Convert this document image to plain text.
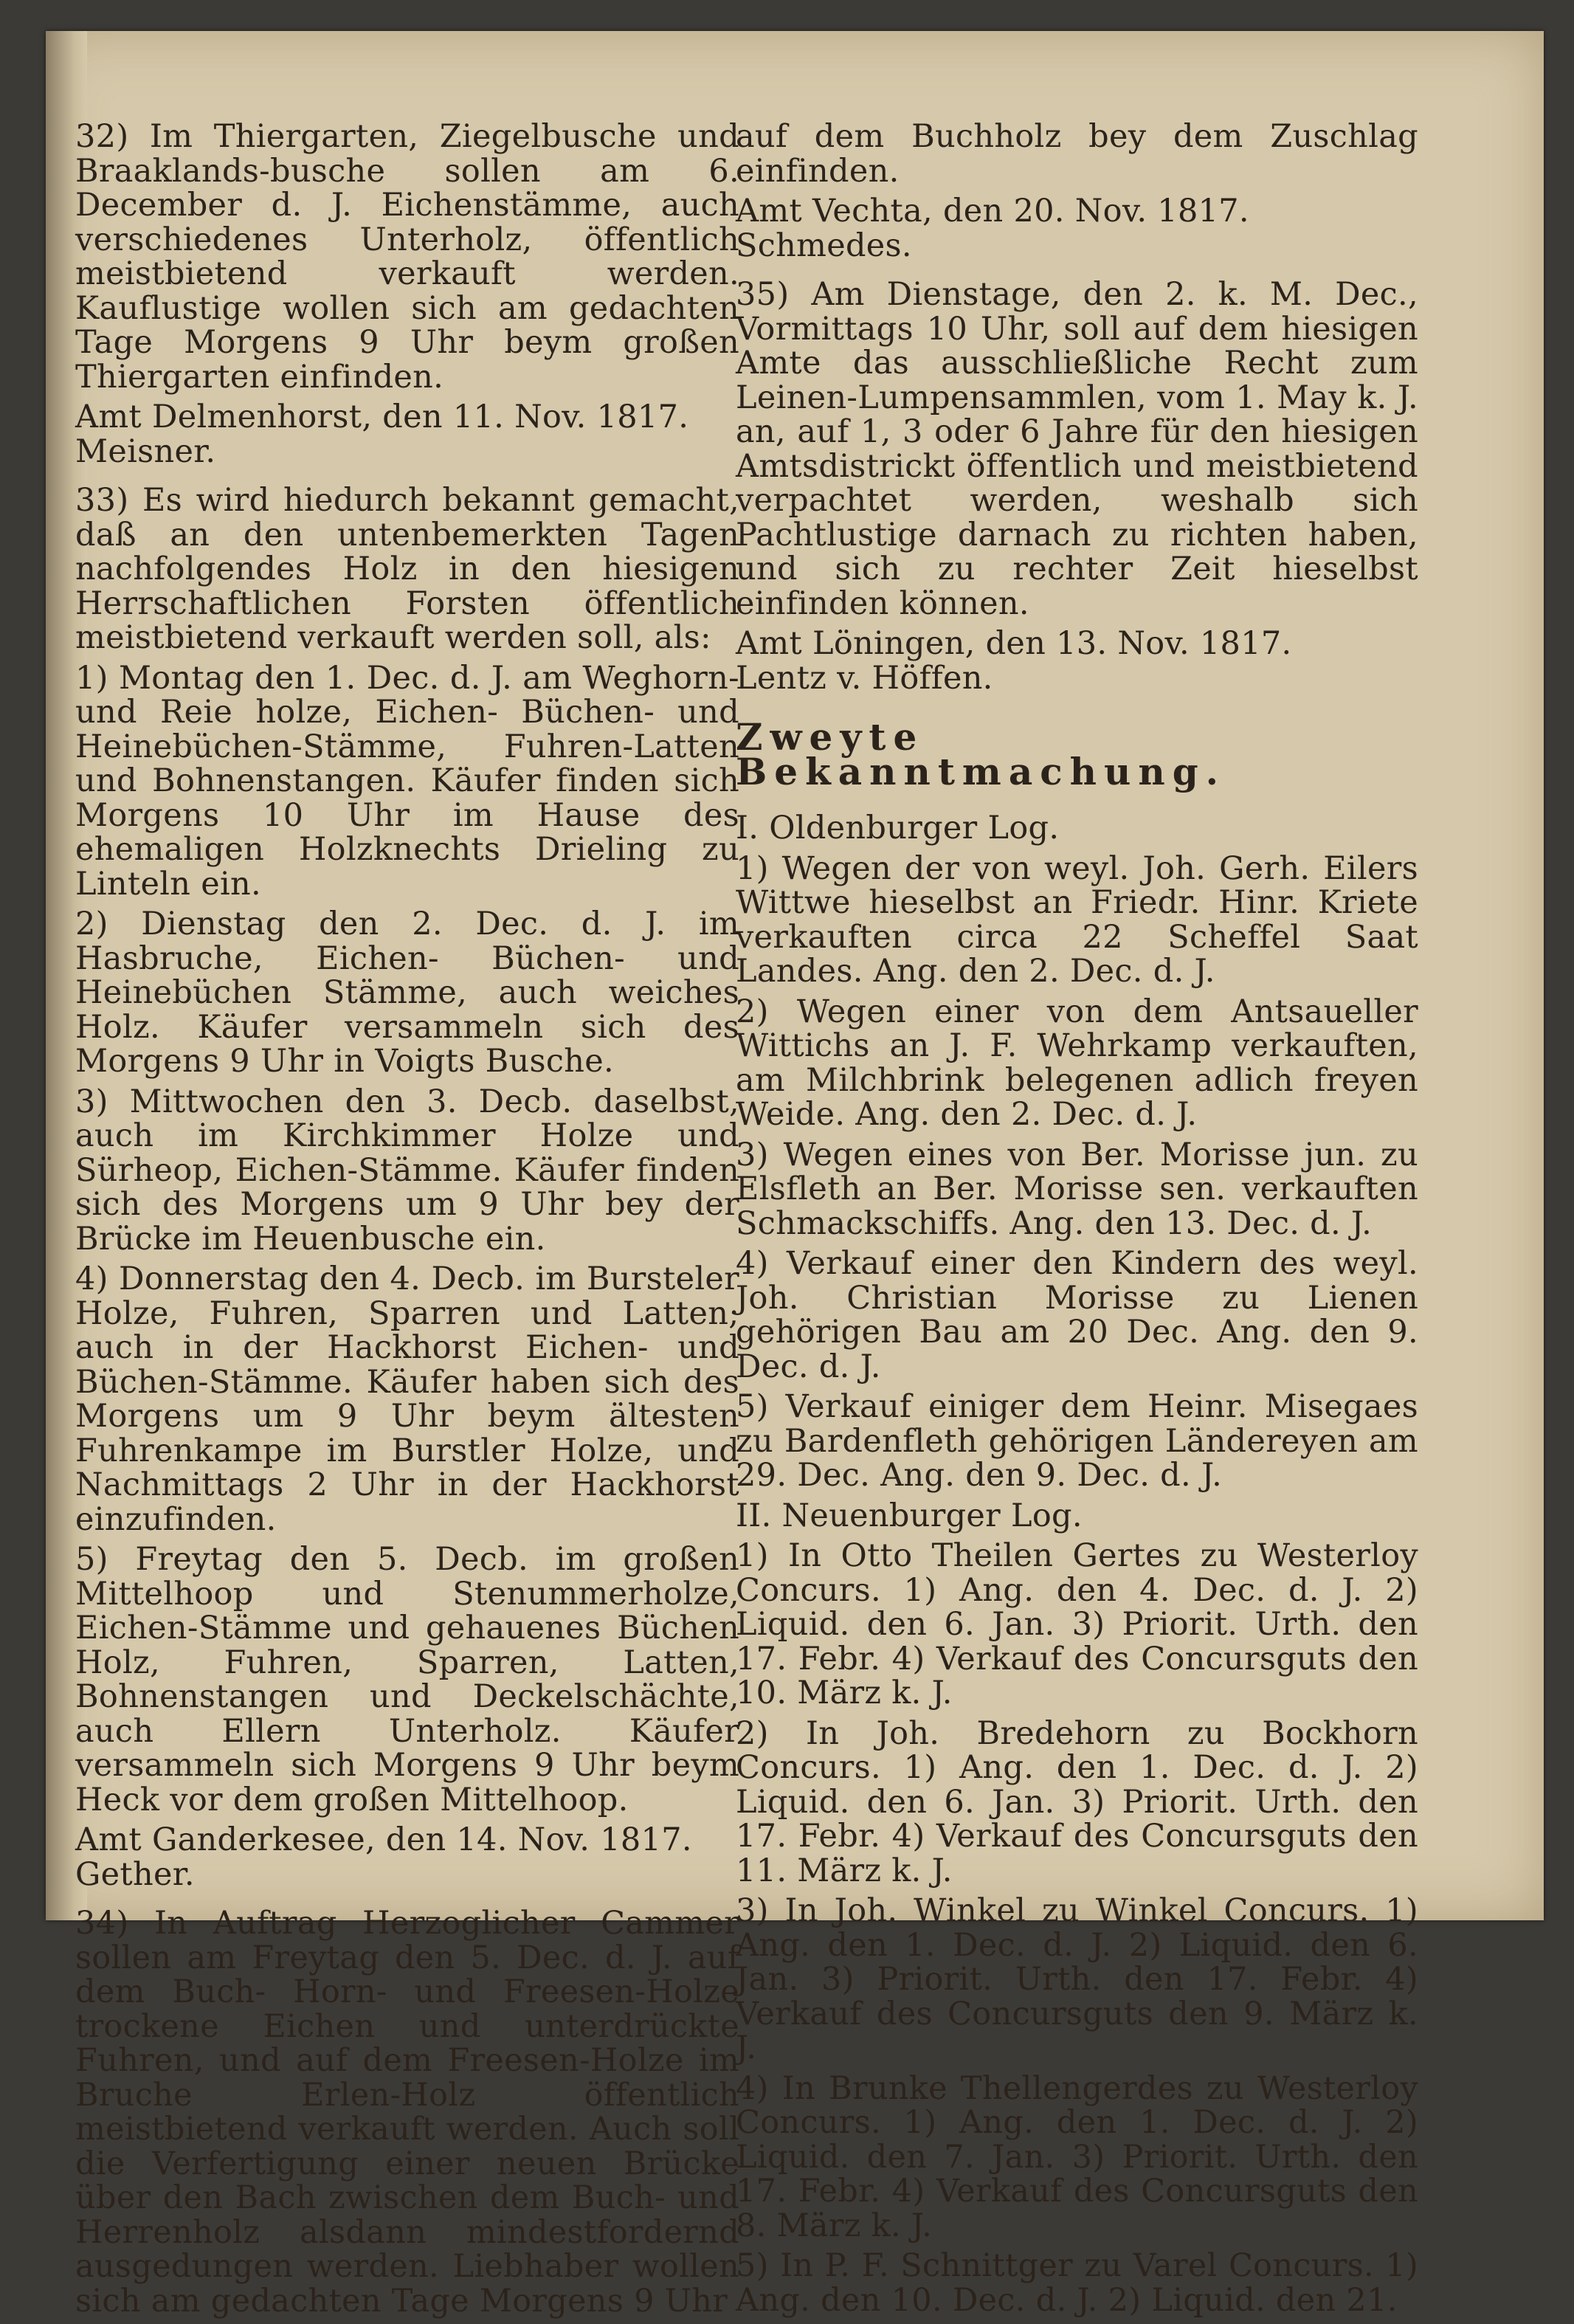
32) Im Thiergarten, Ziegelbusche und Braaklands-busche sollen am 6. December d. J. Eichenstämme, auch verschiedenes Unterholz, öffentlich meistbietend verkauft werden. Kauflustige wollen sich am gedachten Tage Morgens 9 Uhr beym großen Thiergarten einfinden.

Amt Delmenhorst, den 11. Nov. 1817.

Meisner.

33) Es wird hiedurch bekannt gemacht, daß an den untenbemerkten Tagen nachfolgendes Holz in den hiesigen Herrschaftlichen Forsten öffentlich meistbietend verkauft werden soll, als:

1) Montag den 1. Dec. d. J. am Weghorn- und Reie holze, Eichen- Büchen- und Heinebüchen-Stämme, Fuhren-Latten und Bohnenstangen. Käufer finden sich Morgens 10 Uhr im Hause des ehemaligen Holzknechts Drieling zu Linteln ein.

2) Dienstag den 2. Dec. d. J. im Hasbruche, Eichen- Büchen- und Heinebüchen Stämme, auch weiches Holz. Käufer versammeln sich des Morgens 9 Uhr in Voigts Busche.

3) Mittwochen den 3. Decb. daselbst, auch im Kirchkimmer Holze und Sürheop, Eichen-Stämme. Käufer finden sich des Morgens um 9 Uhr bey der Brücke im Heuenbusche ein.

4) Donnerstag den 4. Decb. im Bursteler Holze, Fuhren, Sparren und Latten; auch in der Hackhorst Eichen- und Büchen-Stämme. Käufer haben sich des Morgens um 9 Uhr beym ältesten Fuhrenkampe im Burstler Holze, und Nachmittags 2 Uhr in der Hackhorst einzufinden.

5) Freytag den 5. Decb. im großen Mittelhoop und Stenummerholze, Eichen-Stämme und gehauenes Büchen Holz, Fuhren, Sparren, Latten, Bohnenstangen und Deckelschächte, auch Ellern Unterholz. Käufer versammeln sich Morgens 9 Uhr beym Heck vor dem großen Mittelhoop.

Amt Ganderkesee, den 14. Nov. 1817.

Gether.

34) In Auftrag Herzoglicher Cammer sollen am Freytag den 5. Dec. d. J. auf dem Buch- Horn- und Freesen-Holze trockene Eichen und unterdrückte Fuhren, und auf dem Freesen-Holze im Bruche Erlen-Holz öffentlich meistbietend verkauft werden. Auch soll die Verfertigung einer neuen Brücke über den Bach zwischen dem Buch- und Herrenholz alsdann mindestfordernd ausgedungen werden. Liebhaber wollen sich am gedachten Tage Morgens 9 Uhr

auf dem Buchholz bey dem Zuschlag einfinden.

Amt Vechta, den 20. Nov. 1817.

Schmedes.

35) Am Dienstage, den 2. k. M. Dec., Vormittags 10 Uhr, soll auf dem hiesigen Amte das ausschließliche Recht zum Leinen-Lumpensammlen, vom 1. May k. J. an, auf 1, 3 oder 6 Jahre für den hiesigen Amtsdistrickt öffentlich und meistbietend verpachtet werden, weshalb sich Pachtlustige darnach zu richten haben, und sich zu rechter Zeit hieselbst einfinden können.

Amt Löningen, den 13. Nov. 1817.

Lentz v. Höffen.

Zweyte Bekanntmachung.

I. Oldenburger Log.

1) Wegen der von weyl. Joh. Gerh. Eilers Wittwe hieselbst an Friedr. Hinr. Kriete verkauften circa 22 Scheffel Saat Landes. Ang. den 2. Dec. d. J.

2) Wegen einer von dem Antsaueller Wittichs an J. F. Wehrkamp verkauften, am Milchbrink belegenen adlich freyen Weide. Ang. den 2. Dec. d. J.

3) Wegen eines von Ber. Morisse jun. zu Elsfleth an Ber. Morisse sen. verkauften Schmackschiffs. Ang. den 13. Dec. d. J.

4) Verkauf einer den Kindern des weyl. Joh. Christian Morisse zu Lienen gehörigen Bau am 20 Dec. Ang. den 9. Dec. d. J.

5) Verkauf einiger dem Heinr. Misegaes zu Bardenfleth gehörigen Ländereyen am 29. Dec. Ang. den 9. Dec. d. J.

II. Neuenburger Log.

1) In Otto Theilen Gertes zu Westerloy Concurs. 1) Ang. den 4. Dec. d. J. 2) Liquid. den 6. Jan. 3) Priorit. Urth. den 17. Febr. 4) Verkauf des Concursguts den 10. März k. J.

2) In Joh. Bredehorn zu Bockhorn Concurs. 1) Ang. den 1. Dec. d. J. 2) Liquid. den 6. Jan. 3) Priorit. Urth. den 17. Febr. 4) Verkauf des Concursguts den 11. März k. J.

3) In Joh. Winkel zu Winkel Concurs. 1) Ang. den 1. Dec. d. J. 2) Liquid. den 6. Jan. 3) Priorit. Urth. den 17. Febr. 4) Verkauf des Concursguts den 9. März k. J.

4) In Brunke Thellengerdes zu Westerloy Concurs. 1) Ang. den 1. Dec. d. J. 2) Liquid. den 7. Jan. 3) Priorit. Urth. den 17. Febr. 4) Verkauf des Concursguts den 8. März k. J.

5) In P. F. Schnittger zu Varel Concurs. 1) Ang. den 10. Dec. d. J. 2) Liquid. den 21.
